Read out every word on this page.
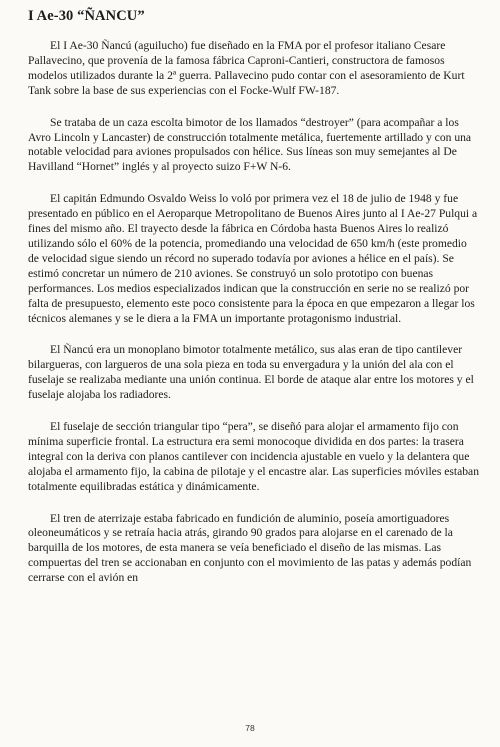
I Ae-30 “ÑANCU”

El I Ae-30 Ñancú (aguilucho) fue diseñado en la FMA por el profesor italiano Cesare Pallavecino, que provenía de la famosa fábrica Caproni-Cantieri, constructora de famosos modelos utilizados durante la 2ª guerra. Pallavecino pudo contar con el asesoramiento de Kurt Tank sobre la base de sus experiencias con el Focke-Wulf FW-187.

Se trataba de un caza escolta bimotor de los llamados “destroyer” (para acompañar a los Avro Lincoln y Lancaster) de construcción totalmente metálica, fuertemente artillado y con una notable velocidad para aviones propulsados con hélice. Sus líneas son muy semejantes al De Havilland “Hornet” inglés y al proyecto suizo F+W N-6.

El capitán Edmundo Osvaldo Weiss lo voló por primera vez el 18 de julio de 1948 y fue presentado en público en el Aeroparque Metropolitano de Buenos Aires junto al I Ae-27 Pulqui a fines del mismo año. El trayecto desde la fábrica en Córdoba hasta Buenos Aires lo realizó utilizando sólo el 60% de la potencia, promediando una velocidad de 650 km/h (este promedio de velocidad sigue siendo un récord no superado todavía por aviones a hélice en el país). Se estimó concretar un número de 210 aviones. Se construyó un solo prototipo con buenas performances. Los medios especializados indican que la construcción en serie no se realizó por falta de presupuesto, elemento este poco consistente para la época en que empezaron a llegar los técnicos alemanes y se le diera a la FMA un importante protagonismo industrial.

El Ñancú era un monoplano bimotor totalmente metálico, sus alas eran de tipo cantilever bilargueras, con largueros de una sola pieza en toda su envergadura y la unión del ala con el fuselaje se realizaba mediante una unión continua. El borde de ataque alar entre los motores y el fuselaje alojaba los radiadores.

El fuselaje de sección triangular tipo “pera”, se diseñó para alojar el armamento fijo con mínima superficie frontal. La estructura era semi monocoque dividida en dos partes: la trasera integral con la deriva con planos cantilever con incidencia ajustable en vuelo y la delantera que alojaba el armamento fijo, la cabina de pilotaje y el encastre alar. Las superficies móviles estaban totalmente equilibradas estática y dinámicamente.

El tren de aterrizaje estaba fabricado en fundición de aluminio, poseía amortiguadores oleoneumáticos y se retraía hacia atrás, girando 90 grados para alojarse en el carenado de la barquilla de los motores, de esta manera se veía beneficiado el diseño de las mismas. Las compuertas del tren se accionaban en conjunto con el movimiento de las patas y además podían cerrarse con el avión en

78
